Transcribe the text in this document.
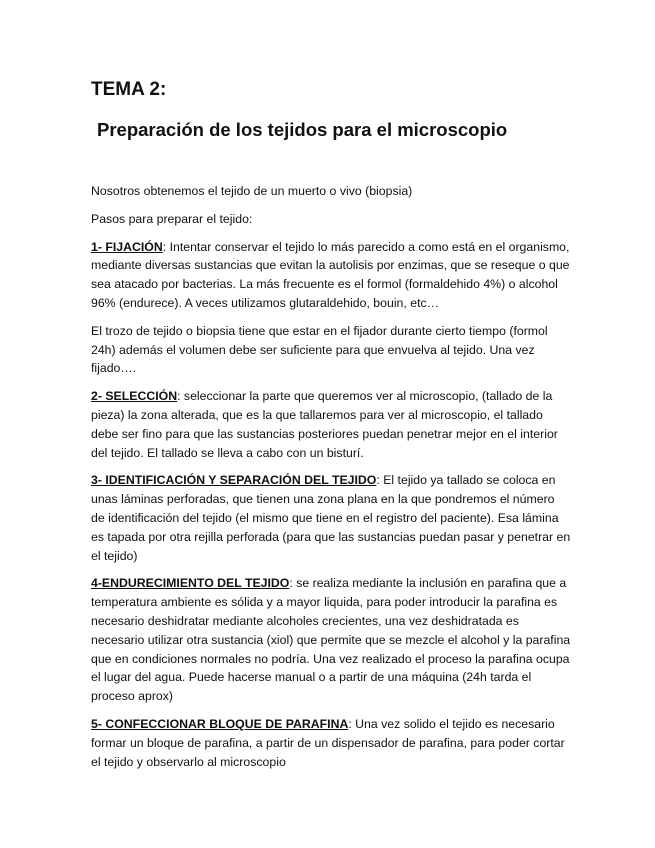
TEMA 2:
Preparación de los tejidos para el microscopio

Nosotros obtenemos el tejido de un muerto o vivo (biopsia)

Pasos para preparar el tejido:

1- FIJACIÓN: Intentar conservar el tejido lo más parecido a como está en el organismo, mediante diversas sustancias que evitan la autolisis por enzimas, que se reseque o que sea atacado por bacterias. La más frecuente es el formol (formaldehido 4%) o alcohol 96% (endurece). A veces utilizamos glutaraldehido, bouin, etc…

El trozo de tejido o biopsia tiene que estar en el fijador durante cierto tiempo (formol 24h) además el volumen debe ser suficiente para que envuelva al tejido. Una vez fijado….

2- SELECCIÓN: seleccionar la parte que queremos ver al microscopio, (tallado de la pieza) la zona alterada, que es la que tallaremos para ver al microscopio, el tallado debe ser fino para que las sustancias posteriores puedan penetrar mejor en el interior del tejido. El tallado se lleva a cabo con un bisturí.

3- IDENTIFICACIÓN Y SEPARACIÓN DEL TEJIDO: El tejido ya tallado se coloca en unas láminas perforadas, que tienen una zona plana en la que pondremos el número de identificación del tejido (el mismo que tiene en el registro del paciente). Esa lámina es tapada por otra rejilla perforada (para que las sustancias puedan pasar y penetrar en el tejido)

4-ENDURECIMIENTO DEL TEJIDO: se realiza mediante la inclusión en parafina que a temperatura ambiente es sólida y a mayor liquida, para poder introducir la parafina es necesario deshidratar mediante alcoholes crecientes, una vez deshidratada es necesario utilizar otra sustancia (xiol) que permite que se mezcle el alcohol y la parafina que en condiciones normales no podría. Una vez realizado el proceso la parafina ocupa el lugar del agua. Puede hacerse manual o a partir de una máquina (24h tarda el proceso aprox)

5- CONFECCIONAR BLOQUE DE PARAFINA: Una vez solido el tejido es necesario formar un bloque de parafina, a partir de un dispensador de parafina, para poder cortar el tejido y observarlo al microscopio
